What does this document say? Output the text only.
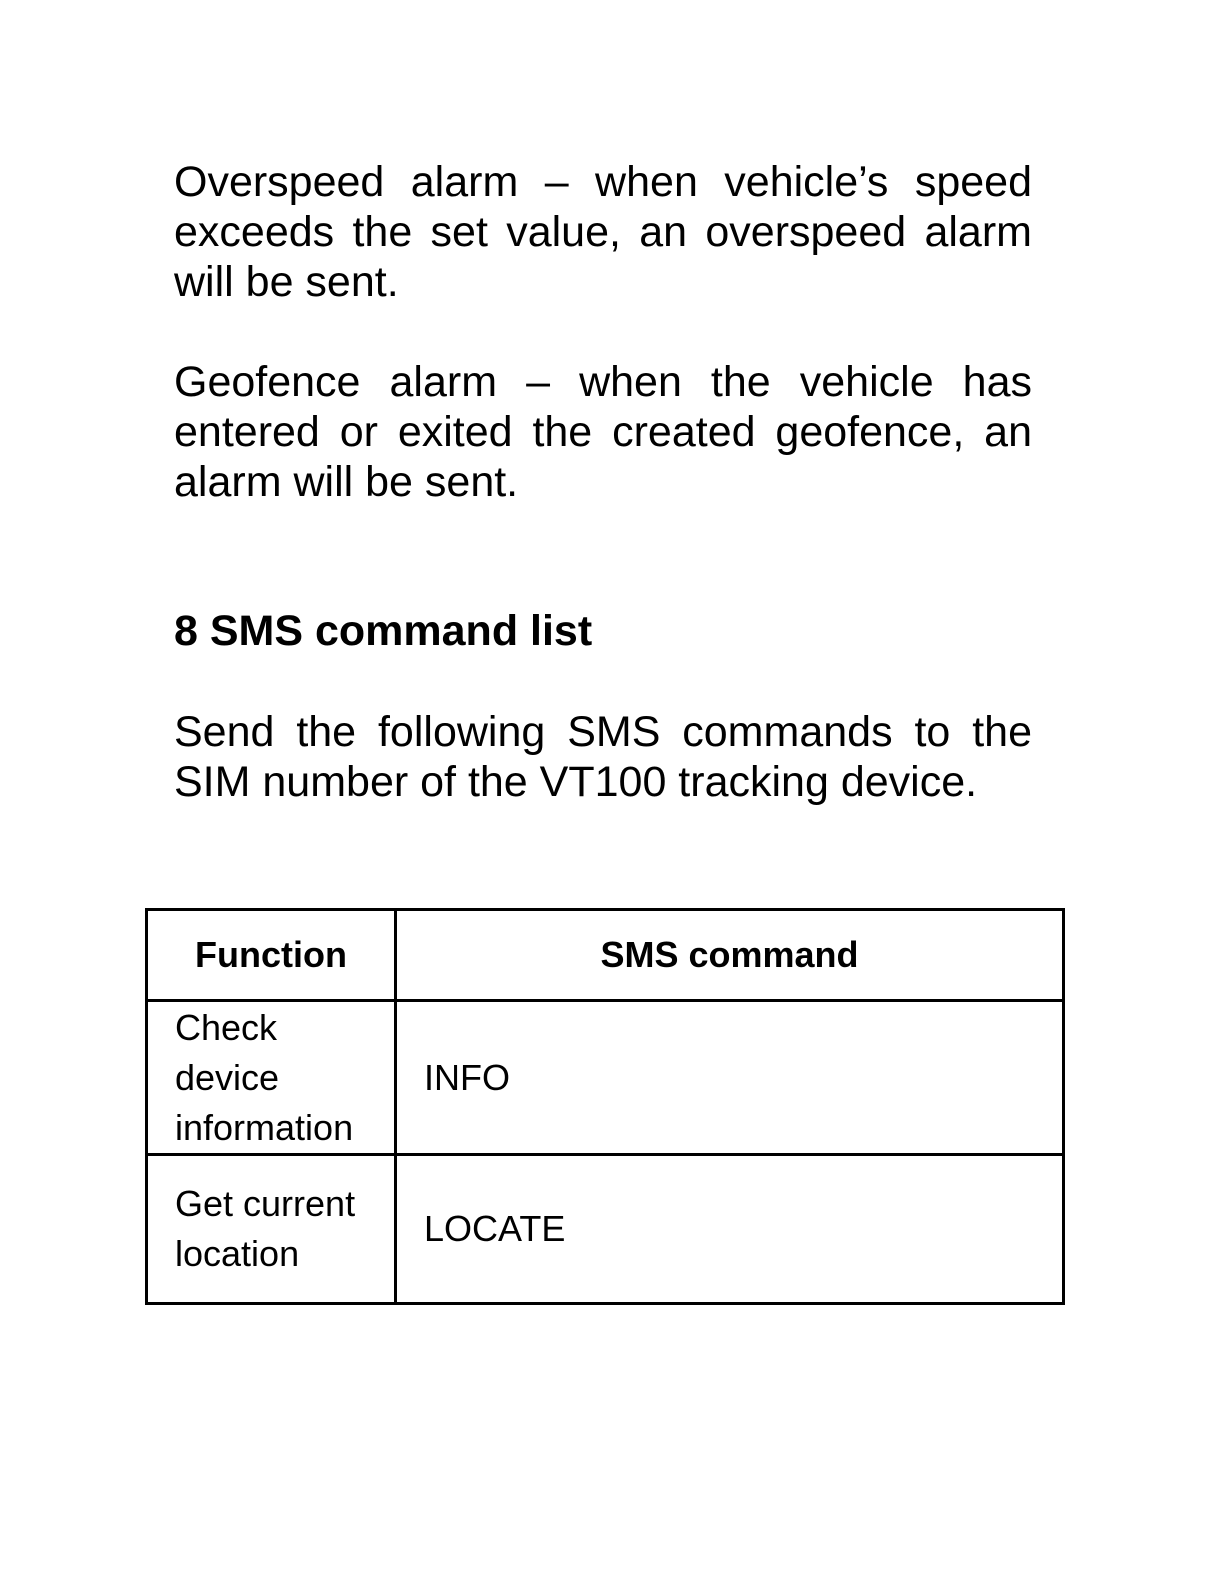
Overspeed alarm – when vehicle’s speed exceeds the set value, an overspeed alarm will be sent.

Geofence alarm – when the vehicle has entered or exited the created geofence, an alarm will be sent.

8 SMS command list

Send the following SMS commands to the SIM number of the VT100 tracking device.

Function	SMS command
Check device information	INFO
Get current location	LOCATE
